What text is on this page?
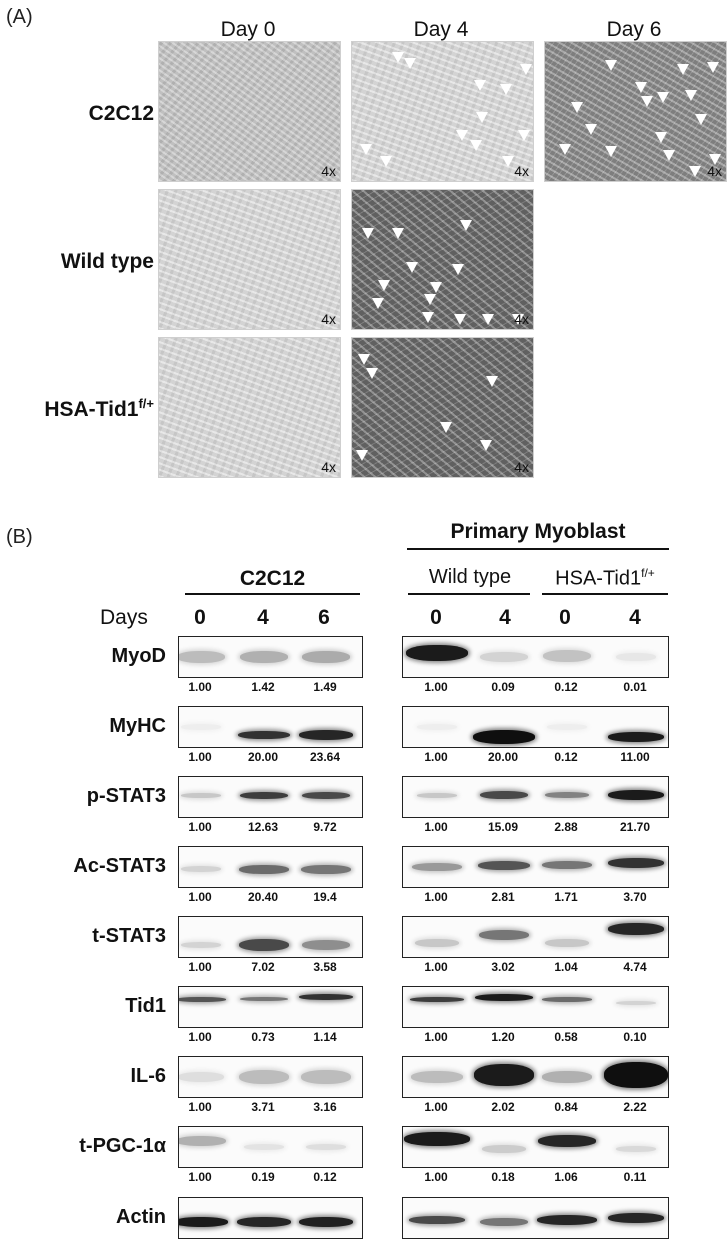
(A)
Day 0	Day 4	Day 6
C2C12
Wild type
HSA-$Tid1^{f/+}$
4x	4x	4x
4x	4x
4x	4x
(B)	Primary Myoblast
C2C12	Wild type	HSA-$Tid1^{f/+}$
Days	0	4	6	0	4	0	4
MyoD
1.00	1.42	1.49	1.00	0.09	0.12	0.01
MyHC
1.00	20.00	23.64	1.00	20.00	0.12	11.00
p-STAT3
1.00	12.63	9.72	1.00	15.09	2.88	21.70
Ac-STAT3
1.00	20.40	19.4	1.00	2.81	1.71	3.70
t-STAT3
1.00	7.02	3.58	1.00	3.02	1.04	4.74
Tid1
1.00	0.73	1.14	1.00	1.20	0.58	0.10
IL-6
1.00	3.71	3.16	1.00	2.02	0.84	2.22
t-PGC-1α
1.00	0.19	0.12	1.00	0.18	1.06	0.11
Actin
